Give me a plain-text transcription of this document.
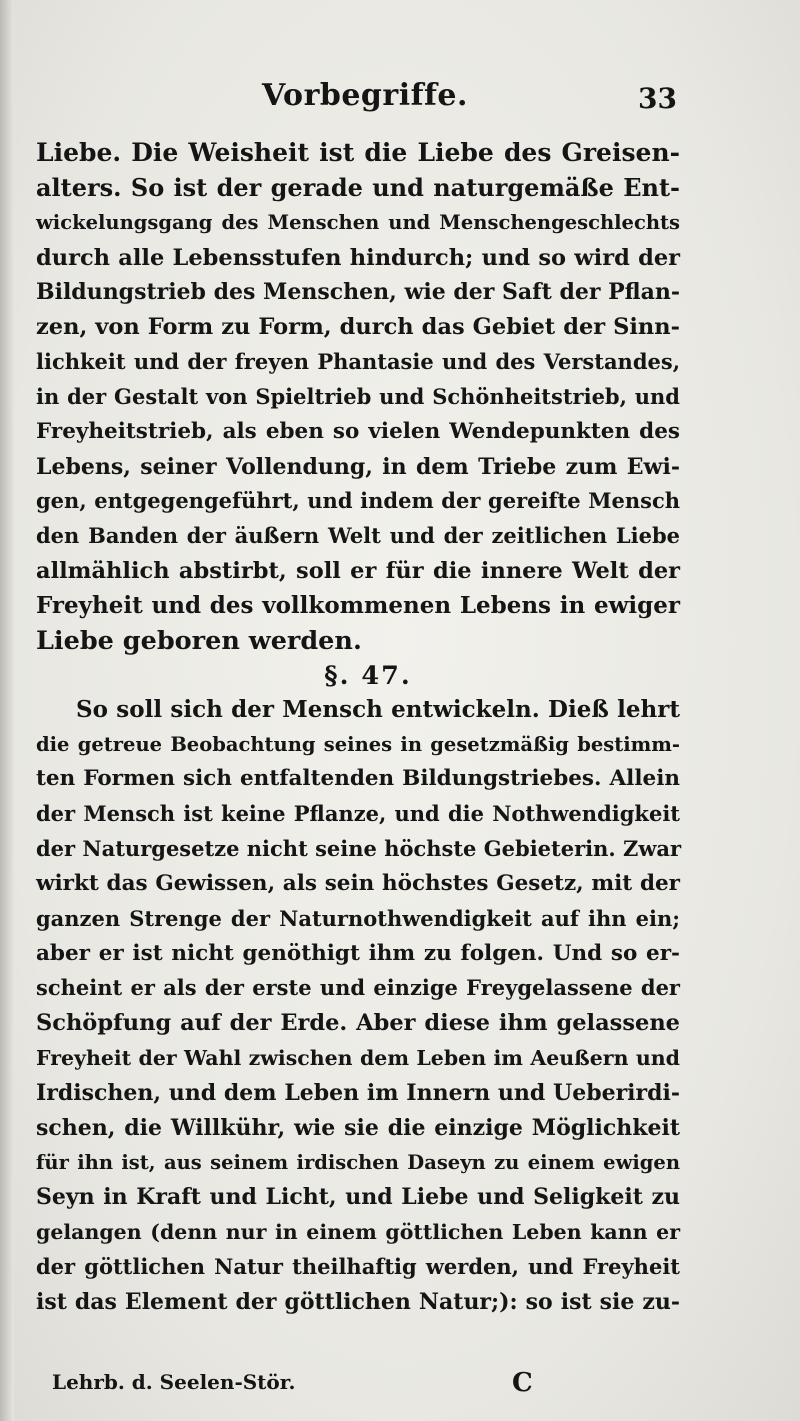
Vorbegriffe.	33
Liebe. Die Weisheit ist die Liebe des Greisen-
alters. So ist der gerade und naturgemäße Ent-
wickelungsgang des Menschen und Menschengeschlechts
durch alle Lebensstufen hindurch; und so wird der
Bildungstrieb des Menschen, wie der Saft der Pflan-
zen, von Form zu Form, durch das Gebiet der Sinn-
lichkeit und der freyen Phantasie und des Verstandes,
in der Gestalt von Spieltrieb und Schönheitstrieb, und
Freyheitstrieb, als eben so vielen Wendepunkten des
Lebens, seiner Vollendung, in dem Triebe zum Ewi-
gen, entgegengeführt, und indem der gereifte Mensch
den Banden der äußern Welt und der zeitlichen Liebe
allmählich abstirbt, soll er für die innere Welt der
Freyheit und des vollkommenen Lebens in ewiger
Liebe geboren werden.
§. 47.
So soll sich der Mensch entwickeln. Dieß lehrt
die getreue Beobachtung seines in gesetzmäßig bestimm-
ten Formen sich entfaltenden Bildungstriebes. Allein
der Mensch ist keine Pflanze, und die Nothwendigkeit
der Naturgesetze nicht seine höchste Gebieterin. Zwar
wirkt das Gewissen, als sein höchstes Gesetz, mit der
ganzen Strenge der Naturnothwendigkeit auf ihn ein;
aber er ist nicht genöthigt ihm zu folgen. Und so er-
scheint er als der erste und einzige Freygelassene der
Schöpfung auf der Erde. Aber diese ihm gelassene
Freyheit der Wahl zwischen dem Leben im Aeußern und
Irdischen, und dem Leben im Innern und Ueberirdi-
schen, die Willkühr, wie sie die einzige Möglichkeit
für ihn ist, aus seinem irdischen Daseyn zu einem ewigen
Seyn in Kraft und Licht, und Liebe und Seligkeit zu
gelangen (denn nur in einem göttlichen Leben kann er
der göttlichen Natur theilhaftig werden, und Freyheit
ist das Element der göttlichen Natur;): so ist sie zu-
Lehrb. d. Seelen-Stör.	C
